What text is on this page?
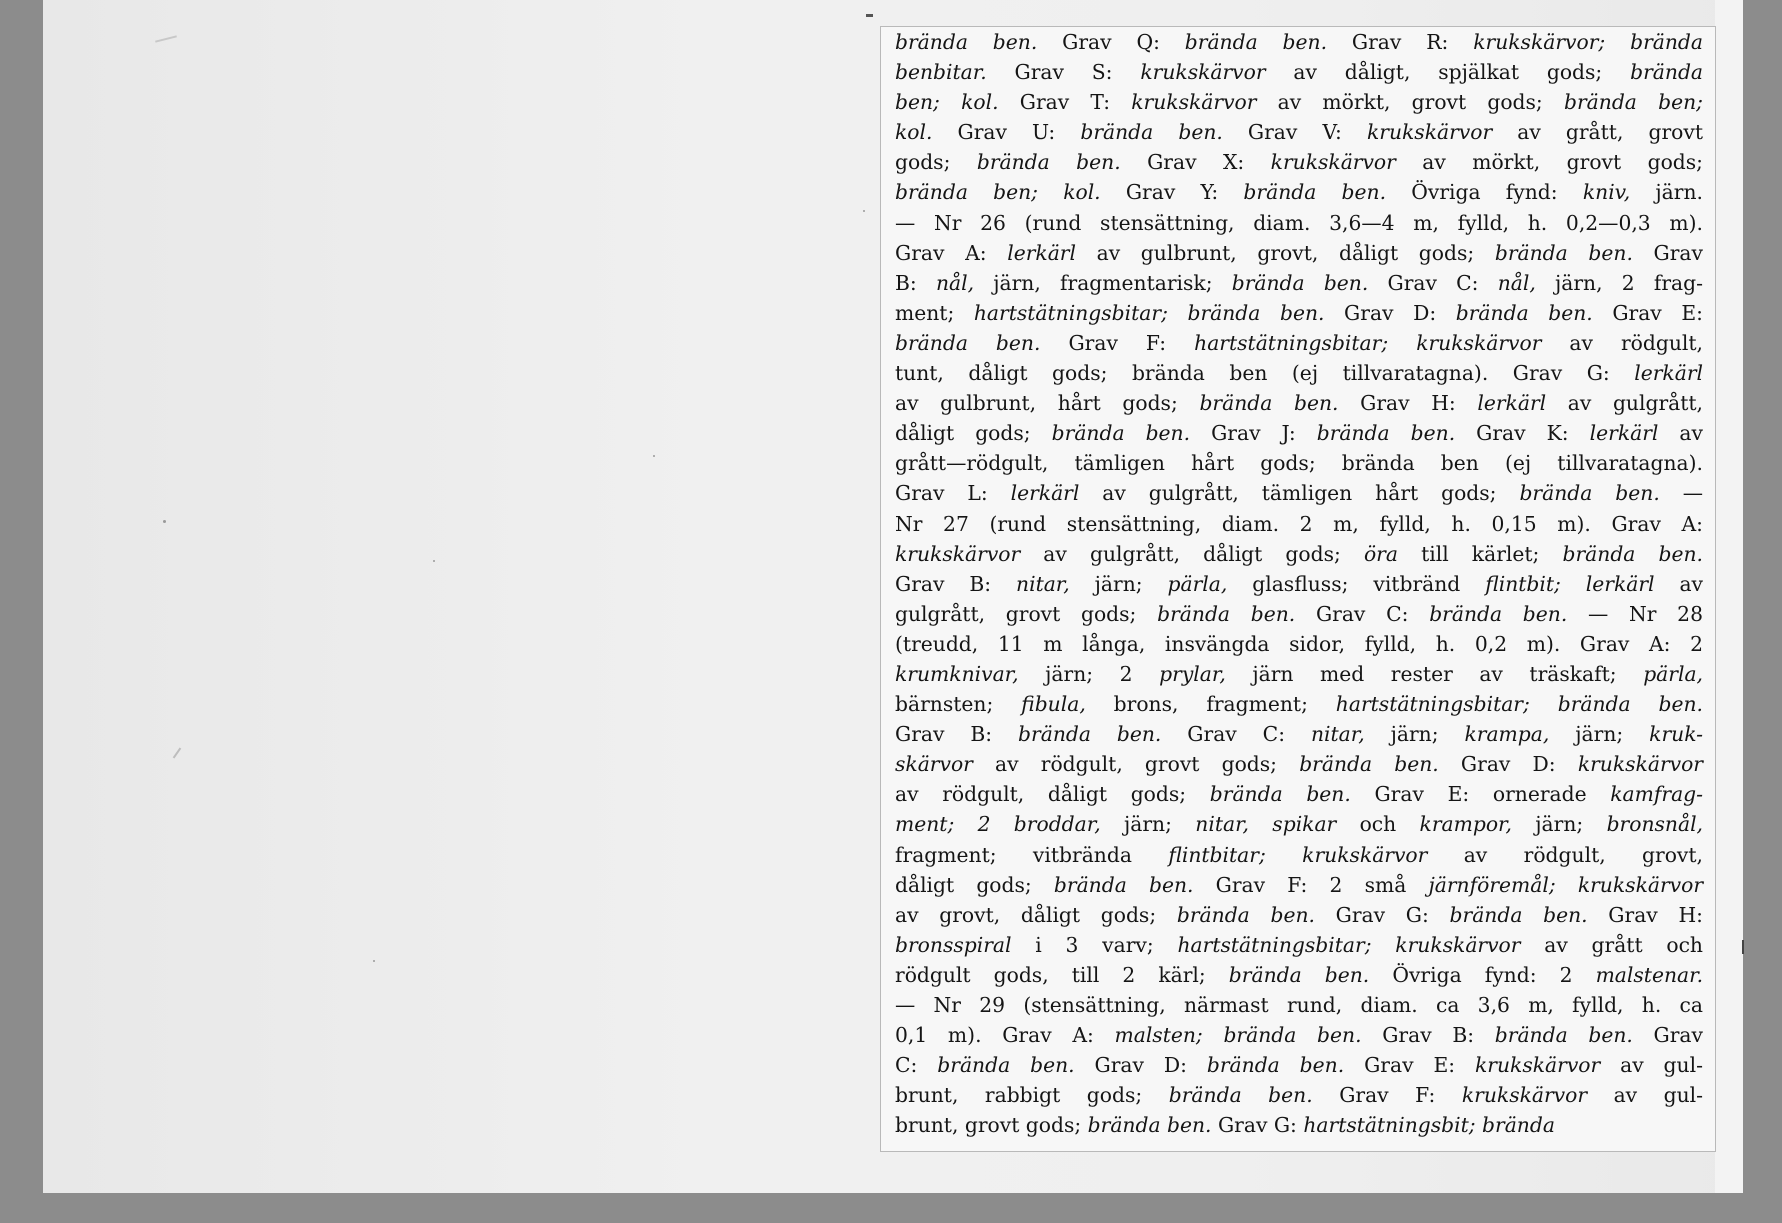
brända ben. Grav Q: brända ben. Grav R: krukskärvor; brända
benbitar. Grav S: krukskärvor av dåligt, spjälkat gods; brända
ben; kol. Grav T: krukskärvor av mörkt, grovt gods; brända ben;
kol. Grav U: brända ben. Grav V: krukskärvor av grått, grovt
gods; brända ben. Grav X: krukskärvor av mörkt, grovt gods;
brända ben; kol. Grav Y: brända ben. Övriga fynd: kniv, järn.
— Nr 26 (rund stensättning, diam. 3,6—4 m, fylld, h. 0,2—0,3 m).
Grav A: lerkärl av gulbrunt, grovt, dåligt gods; brända ben. Grav
B: nål, järn, fragmentarisk; brända ben. Grav C: nål, järn, 2 frag-
ment; hartstätningsbitar; brända ben. Grav D: brända ben. Grav E:
brända ben. Grav F: hartstätningsbitar; krukskärvor av rödgult,
tunt, dåligt gods; brända ben (ej tillvaratagna). Grav G: lerkärl
av gulbrunt, hårt gods; brända ben. Grav H: lerkärl av gulgrått,
dåligt gods; brända ben. Grav J: brända ben. Grav K: lerkärl av
grått—rödgult, tämligen hårt gods; brända ben (ej tillvaratagna).
Grav L: lerkärl av gulgrått, tämligen hårt gods; brända ben. —
Nr 27 (rund stensättning, diam. 2 m, fylld, h. 0,15 m). Grav A:
krukskärvor av gulgrått, dåligt gods; öra till kärlet; brända ben.
Grav B: nitar, järn; pärla, glasfluss; vitbränd flintbit; lerkärl av
gulgrått, grovt gods; brända ben. Grav C: brända ben. — Nr 28
(treudd, 11 m långa, insvängda sidor, fylld, h. 0,2 m). Grav A: 2
krumknivar, järn; 2 prylar, järn med rester av träskaft; pärla,
bärnsten; fibula, brons, fragment; hartstätningsbitar; brända ben.
Grav B: brända ben. Grav C: nitar, järn; krampa, järn; kruk-
skärvor av rödgult, grovt gods; brända ben. Grav D: krukskärvor
av rödgult, dåligt gods; brända ben. Grav E: ornerade kamfrag-
ment; 2 broddar, järn; nitar, spikar och krampor, järn; bronsnål,
fragment; vitbrända flintbitar; krukskärvor av rödgult, grovt,
dåligt gods; brända ben. Grav F: 2 små järnföremål; krukskärvor
av grovt, dåligt gods; brända ben. Grav G: brända ben. Grav H:
bronsspiral i 3 varv; hartstätningsbitar; krukskärvor av grått och
rödgult gods, till 2 kärl; brända ben. Övriga fynd: 2 malstenar.
— Nr 29 (stensättning, närmast rund, diam. ca 3,6 m, fylld, h. ca
0,1 m). Grav A: malsten; brända ben. Grav B: brända ben. Grav
C: brända ben. Grav D: brända ben. Grav E: krukskärvor av gul-
brunt, rabbigt gods; brända ben. Grav F: krukskärvor av gul-
brunt, grovt gods; brända ben. Grav G: hartstätningsbit; brända
